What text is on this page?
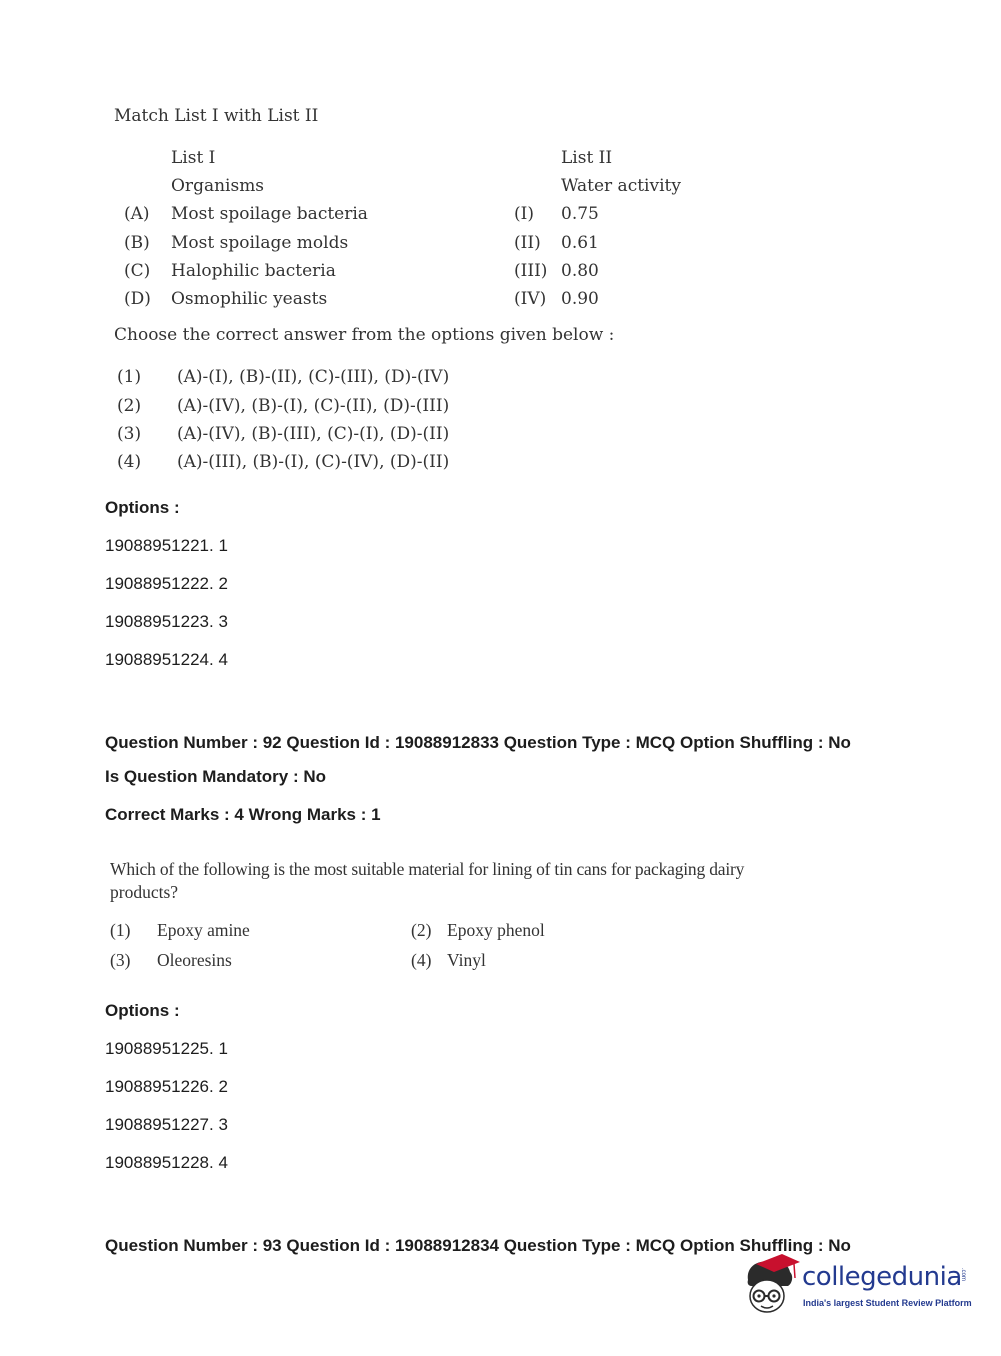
Match List I with List II
List I	List II
Organisms	Water activity
(A) Most spoilage bacteria	(I) 0.75
(B) Most spoilage molds	(II) 0.61
(C) Halophilic bacteria	(III) 0.80
(D) Osmophilic yeasts	(IV) 0.90
Choose the correct answer from the options given below :
(1) (A)-(I), (B)-(II), (C)-(III), (D)-(IV)
(2) (A)-(IV), (B)-(I), (C)-(II), (D)-(III)
(3) (A)-(IV), (B)-(III), (C)-(I), (D)-(II)
(4) (A)-(III), (B)-(I), (C)-(IV), (D)-(II)
Options :
19088951221. 1
19088951222. 2
19088951223. 3
19088951224. 4
Question Number : 92 Question Id : 19088912833 Question Type : MCQ Option Shuffling : No
Is Question Mandatory : No
Correct Marks : 4 Wrong Marks : 1
Which of the following is the most suitable material for lining of tin cans for packaging dairy
products?
(1) Epoxy amine	(2) Epoxy phenol
(3) Oleoresins	(4) Vinyl
Options :
19088951225. 1
19088951226. 2
19088951227. 3
19088951228. 4
Question Number : 93 Question Id : 19088912834 Question Type : MCQ Option Shuffling : No
collegedunia
.com
India's largest Student Review Platform
